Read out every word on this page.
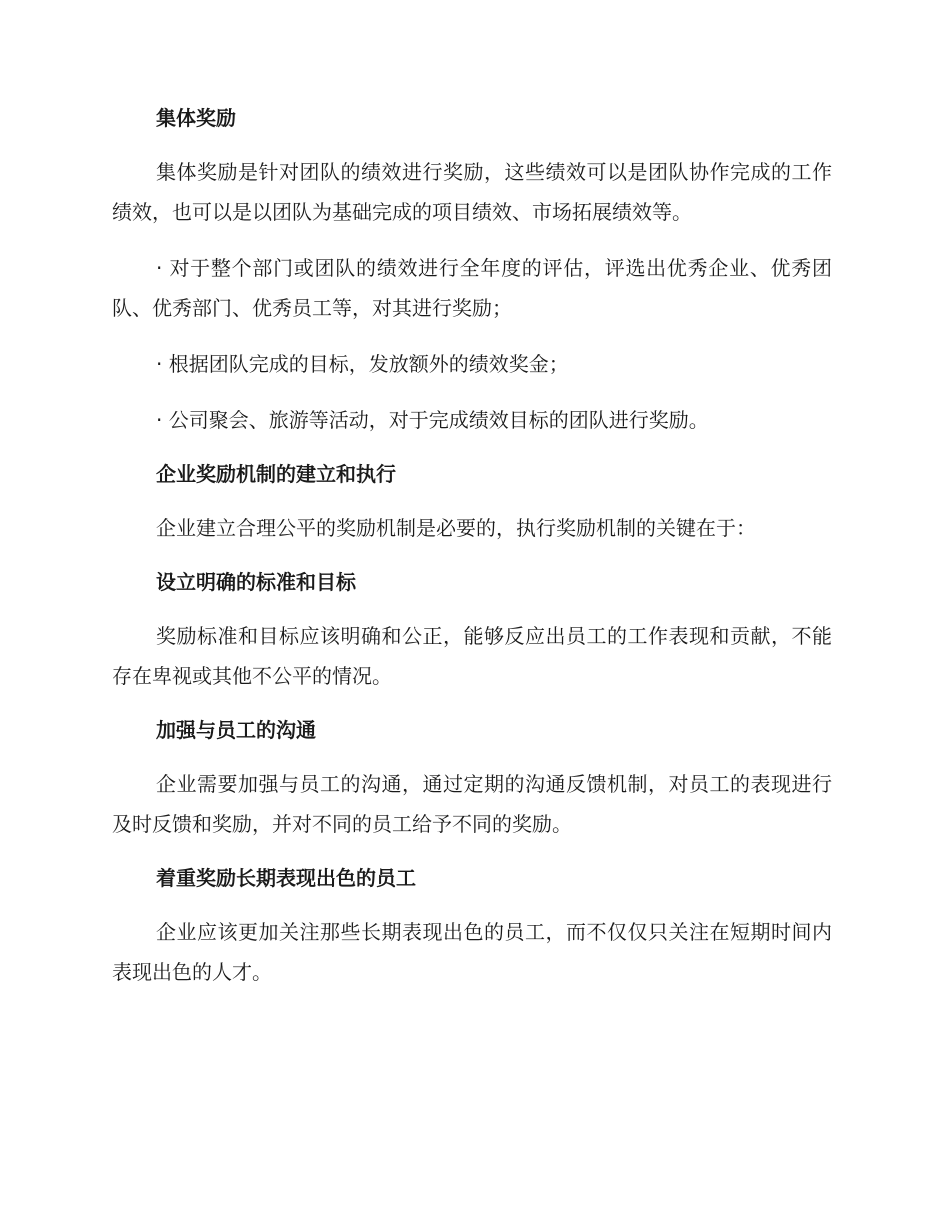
集体奖励
集体奖励是针对团队的绩效进行奖励，这些绩效可以是团队协作完成的工作绩效，也可以是以团队为基础完成的项目绩效、市场拓展绩效等。
· 对于整个部门或团队的绩效进行全年度的评估，评选出优秀企业、优秀团队、优秀部门、优秀员工等，对其进行奖励；
· 根据团队完成的目标，发放额外的绩效奖金；
· 公司聚会、旅游等活动，对于完成绩效目标的团队进行奖励。
企业奖励机制的建立和执行
企业建立合理公平的奖励机制是必要的，执行奖励机制的关键在于：
设立明确的标准和目标
奖励标准和目标应该明确和公正，能够反应出员工的工作表现和贡献，不能存在卑视或其他不公平的情况。
加强与员工的沟通
企业需要加强与员工的沟通，通过定期的沟通反馈机制，对员工的表现进行及时反馈和奖励，并对不同的员工给予不同的奖励。
着重奖励长期表现出色的员工
企业应该更加关注那些长期表现出色的员工，而不仅仅只关注在短期时间内表现出色的人才。
